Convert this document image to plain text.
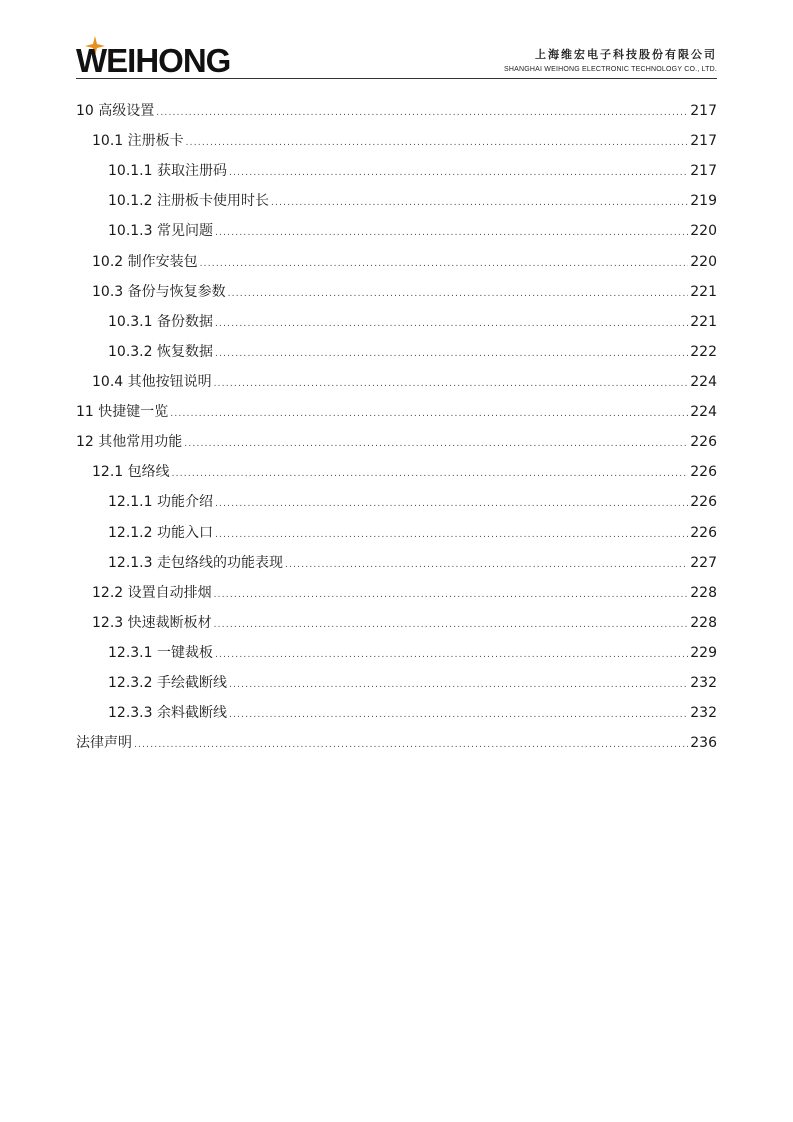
WEIHONG	上海维宏电子科技股份有限公司
SHANGHAI WEIHONG ELECTRONIC TECHNOLOGY CO., LTD.
10 高级设置 .....	217
10.1 注册板卡 .....	217
10.1.1 获取注册码 .....	217
10.1.2 注册板卡使用时长 .....	219
10.1.3 常见问题 .....	220
10.2 制作安装包 .....	220
10.3 备份与恢复参数 .....	221
10.3.1 备份数据 .....	221
10.3.2 恢复数据 .....	222
10.4 其他按钮说明 .....	224
11 快捷键一览 .....	224
12 其他常用功能 .....	226
12.1 包络线 .....	226
12.1.1 功能介绍 .....	226
12.1.2 功能入口 .....	226
12.1.3 走包络线的功能表现 .....	227
12.2 设置自动排烟 .....	228
12.3 快速裁断板材 .....	228
12.3.1 一键裁板 .....	229
12.3.2 手绘截断线 .....	232
12.3.3 余料截断线 .....	232
法律声明 .....	236
